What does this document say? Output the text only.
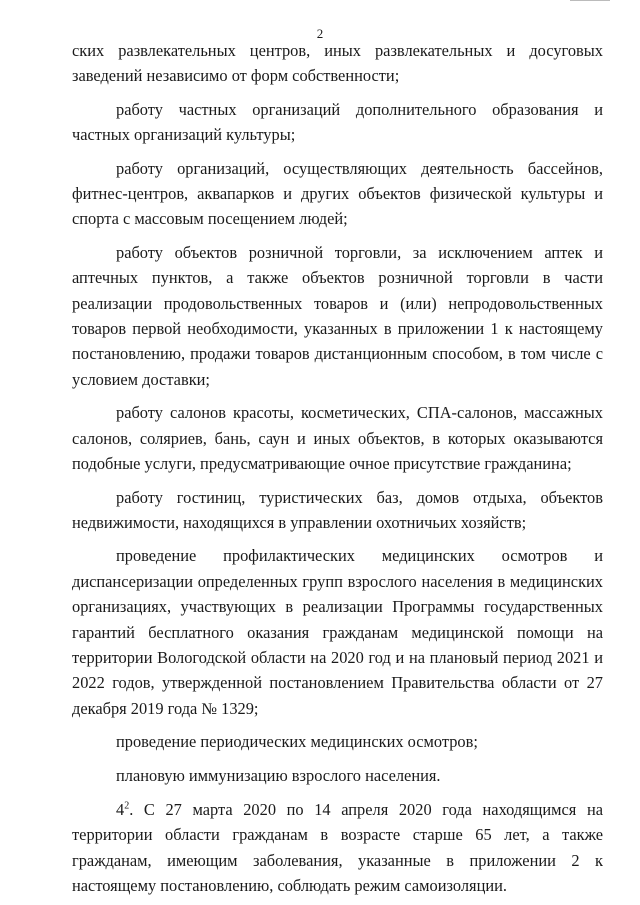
2

ских развлекательных центров, иных развлекательных и досуговых заведений независимо от форм собственности;

работу частных организаций дополнительного образования и частных организаций культуры;

работу организаций, осуществляющих деятельность бассейнов, фитнес-центров, аквапарков и других объектов физической культуры и спорта с массовым посещением людей;

работу объектов розничной торговли, за исключением аптек и аптечных пунктов, а также объектов розничной торговли в части реализации продовольственных товаров и (или) непродовольственных товаров первой необходимости, указанных в приложении 1 к настоящему постановлению, продажи товаров дистанционным способом, в том числе с условием доставки;

работу салонов красоты, косметических, СПА-салонов, массажных салонов, соляриев, бань, саун и иных объектов, в которых оказываются подобные услуги, предусматривающие очное присутствие гражданина;

работу гостиниц, туристических баз, домов отдыха, объектов недвижимости, находящихся в управлении охотничьих хозяйств;

проведение профилактических медицинских осмотров и диспансеризации определенных групп взрослого населения в медицинских организациях, участвующих в реализации Программы государственных гарантий бесплатного оказания гражданам медицинской помощи на территории Вологодской области на 2020 год и на плановый период 2021 и 2022 годов, утвержденной постановлением Правительства области от 27 декабря 2019 года № 1329;

проведение периодических медицинских осмотров;

плановую иммунизацию взрослого населения.

$4^2$. С 27 марта 2020 по 14 апреля 2020 года находящимся на территории области гражданам в возрасте старше 65 лет, а также гражданам, имеющим заболевания, указанные в приложении 2 к настоящему постановлению, соблюдать режим самоизоляции.
